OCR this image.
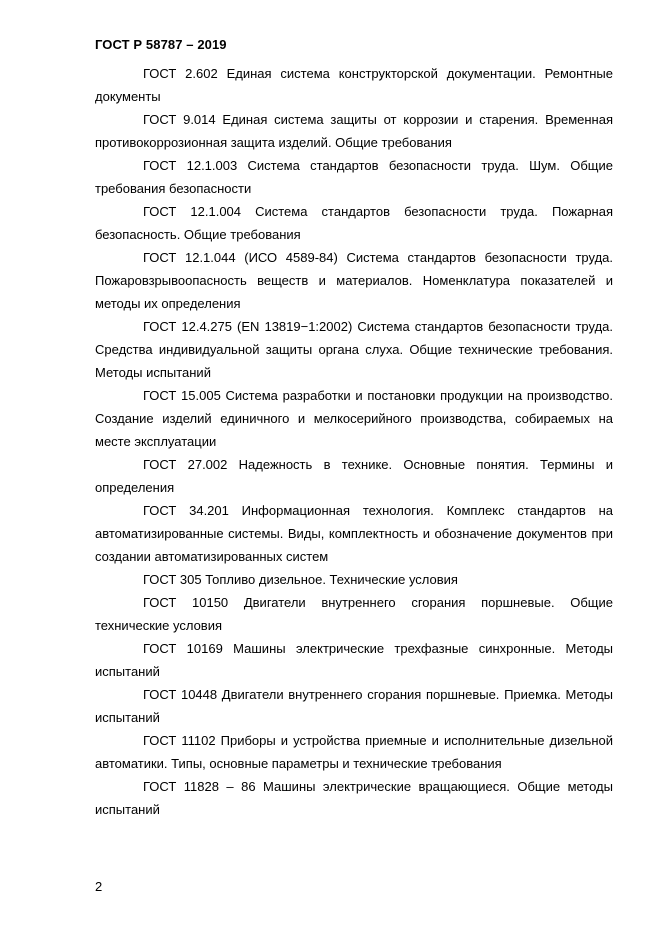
ГОСТ Р 58787 – 2019
ГОСТ 2.602 Единая система конструкторской документации. Ремонтные документы
ГОСТ 9.014 Единая система защиты от коррозии и старения. Временная противокоррозионная защита изделий. Общие требования
ГОСТ 12.1.003 Система стандартов безопасности труда. Шум. Общие требования безопасности
ГОСТ 12.1.004 Система стандартов безопасности труда. Пожарная безопасность. Общие требования
ГОСТ 12.1.044 (ИСО 4589-84) Система стандартов безопасности труда. Пожаровзрывоопасность веществ и материалов. Номенклатура показателей и методы их определения
ГОСТ 12.4.275 (EN 13819−1:2002) Система стандартов безопасности труда. Средства индивидуальной защиты органа слуха. Общие технические требования. Методы испытаний
ГОСТ 15.005 Система разработки и постановки продукции на производство. Создание изделий единичного и мелкосерийного производства, собираемых на месте эксплуатации
ГОСТ 27.002 Надежность в технике. Основные понятия. Термины и определения
ГОСТ 34.201 Информационная технология. Комплекс стандартов на автоматизированные системы. Виды, комплектность и обозначение документов при создании автоматизированных систем
ГОСТ 305 Топливо дизельное. Технические условия
ГОСТ 10150 Двигатели внутреннего сгорания поршневые. Общие технические условия
ГОСТ 10169 Машины электрические трехфазные синхронные. Методы испытаний
ГОСТ 10448 Двигатели внутреннего сгорания поршневые. Приемка. Методы испытаний
ГОСТ 11102 Приборы и устройства приемные и исполнительные дизельной автоматики. Типы, основные параметры и технические требования
ГОСТ 11828 – 86 Машины электрические вращающиеся. Общие методы испытаний

2
